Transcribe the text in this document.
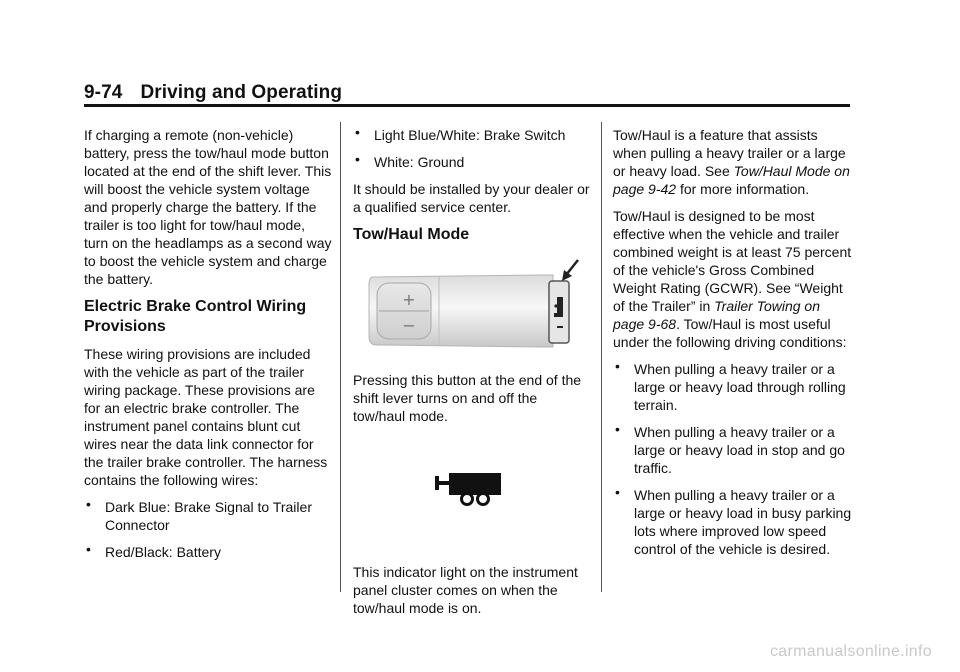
9-74 Driving and Operating

If charging a remote (non-vehicle) battery, press the tow/haul mode button located at the end of the shift lever. This will boost the vehicle system voltage and properly charge the battery. If the trailer is too light for tow/haul mode, turn on the headlamps as a second way to boost the vehicle system and charge the battery.

Electric Brake Control Wiring Provisions

These wiring provisions are included with the vehicle as part of the trailer wiring package. These provisions are for an electric brake controller. The instrument panel contains blunt cut wires near the data link connector for the trailer brake controller. The harness contains the following wires:

• Dark Blue: Brake Signal to Trailer Connector
• Red/Black: Battery
• Light Blue/White: Brake Switch
• White: Ground

It should be installed by your dealer or a qualified service center.

Tow/Haul Mode
+
−

Pressing this button at the end of the shift lever turns on and off the tow/haul mode.

This indicator light on the instrument panel cluster comes on when the tow/haul mode is on.

Tow/Haul is a feature that assists when pulling a heavy trailer or a large or heavy load. See Tow/Haul Mode on page 9-42 for more information.

Tow/Haul is designed to be most effective when the vehicle and trailer combined weight is at least 75 percent of the vehicle's Gross Combined Weight Rating (GCWR). See “Weight of the Trailer” in Trailer Towing on page 9-68. Tow/Haul is most useful under the following driving conditions:

• When pulling a heavy trailer or a large or heavy load through rolling terrain.
• When pulling a heavy trailer or a large or heavy load in stop and go traffic.
• When pulling a heavy trailer or a large or heavy load in busy parking lots where improved low speed control of the vehicle is desired.
carmanualsonline.info
